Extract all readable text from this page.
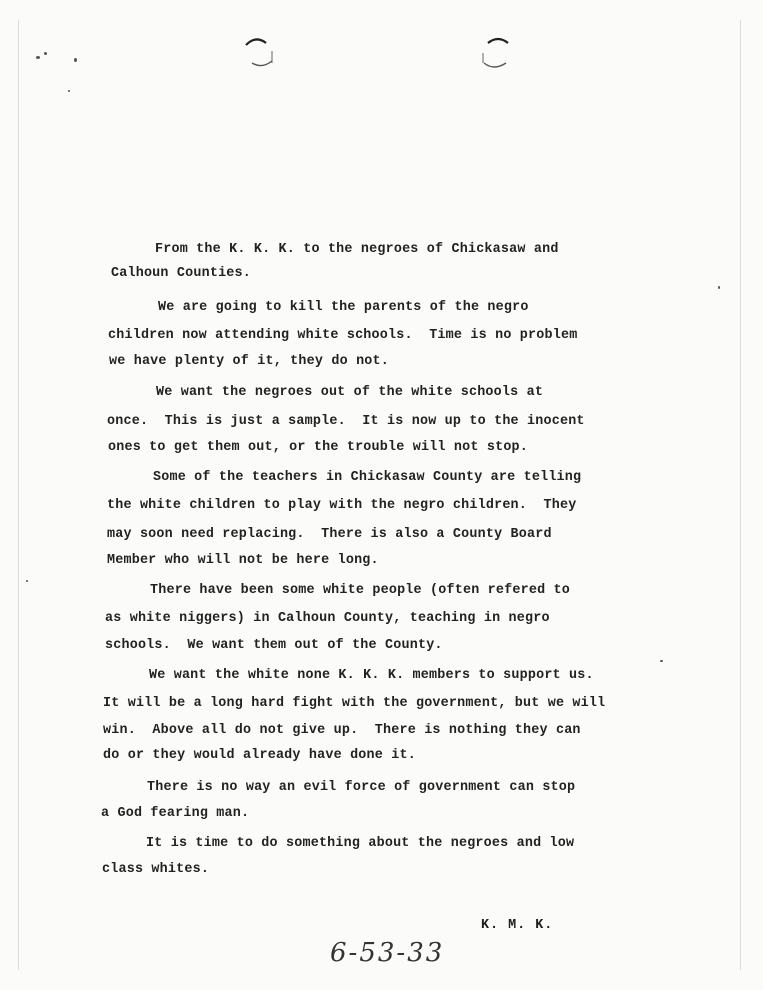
From the K. K. K. to the negroes of Chickasaw and
Calhoun Counties.
We are going to kill the parents of the negro
children now attending white schools.  Time is no problem
we have plenty of it, they do not.
We want the negroes out of the white schools at
once.  This is just a sample.  It is now up to the inocent
ones to get them out, or the trouble will not stop.
Some of the teachers in Chickasaw County are telling
the white children to play with the negro children.  They
may soon need replacing.  There is also a County Board
Member who will not be here long.
There have been some white people (often refered to
as white niggers) in Calhoun County, teaching in negro
schools.  We want them out of the County.
We want the white none K. K. K. members to support us.
It will be a long hard fight with the government, but we will
win.  Above all do not give up.  There is nothing they can
do or they would already have done it.
There is no way an evil force of government can stop
a God fearing man.
It is time to do something about the negroes and low
class whites.
K. M. K.
6-53-33
